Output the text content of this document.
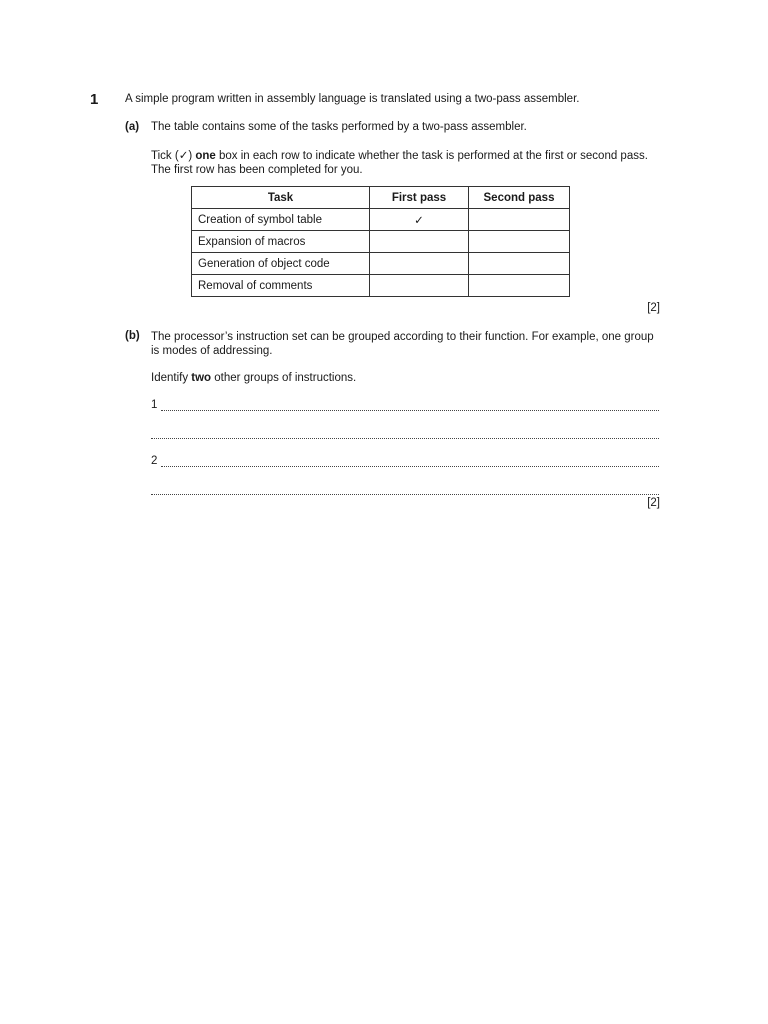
1 A simple program written in assembly language is translated using a two-pass assembler.
(a) The table contains some of the tasks performed by a two-pass assembler.
Tick (✓) one box in each row to indicate whether the task is performed at the first or second pass. The first row has been completed for you.
Task	First pass	Second pass
Creation of symbol table	✓	
Expansion of macros		
Generation of object code		
Removal of comments		
[2]
(b) The processor’s instruction set can be grouped according to their function. For example, one group is modes of addressing.
Identify two other groups of instructions.
1
2
[2]
